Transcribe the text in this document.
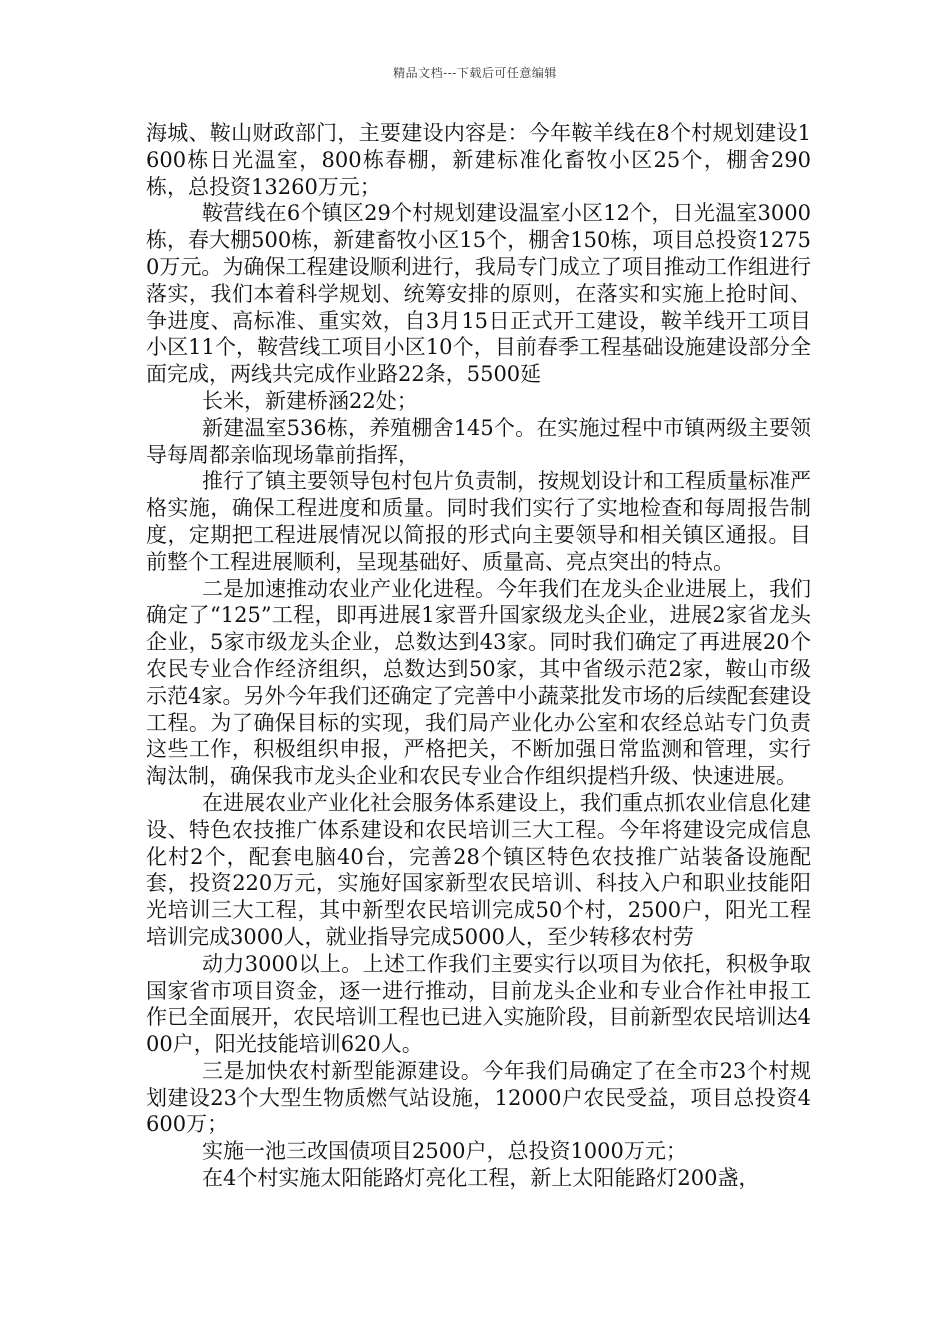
精品文档---下载后可任意编辑

海城、鞍山财政部门，主要建设内容是：今年鞍羊线在8个村规划建设1600栋日光温室，800栋春棚，新建标准化畜牧小区25个，棚舍290栋，总投资13260万元；

鞍营线在6个镇区29个村规划建设温室小区12个，日光温室3000栋，春大棚500栋，新建畜牧小区15个，棚舍150栋，项目总投资12750万元。为确保工程建设顺利进行，我局专门成立了项目推动工作组进行落实，我们本着科学规划、统筹安排的原则，在落实和实施上抢时间、争进度、高标准、重实效，自3月15日正式开工建设，鞍羊线开工项目小区11个，鞍营线工项目小区10个，目前春季工程基础设施建设部分全面完成，两线共完成作业路22条，5500延

长米，新建桥涵22处；

新建温室536栋，养殖棚舍145个。在实施过程中市镇两级主要领导每周都亲临现场靠前指挥，

推行了镇主要领导包村包片负责制，按规划设计和工程质量标准严格实施，确保工程进度和质量。同时我们实行了实地检查和每周报告制度，定期把工程进展情况以简报的形式向主要领导和相关镇区通报。目前整个工程进展顺利，呈现基础好、质量高、亮点突出的特点。

二是加速推动农业产业化进程。今年我们在龙头企业进展上，我们确定了“125”工程，即再进展1家晋升国家级龙头企业，进展2家省龙头企业，5家市级龙头企业，总数达到43家。同时我们确定了再进展20个农民专业合作经济组织，总数达到50家，其中省级示范2家，鞍山市级示范4家。另外今年我们还确定了完善中小蔬菜批发市场的后续配套建设工程。为了确保目标的实现，我们局产业化办公室和农经总站专门负责这些工作，积极组织申报，严格把关，不断加强日常监测和管理，实行淘汰制，确保我市龙头企业和农民专业合作组织提档升级、快速进展。

在进展农业产业化社会服务体系建设上，我们重点抓农业信息化建设、特色农技推广体系建设和农民培训三大工程。今年将建设完成信息化村2个，配套电脑40台，完善28个镇区特色农技推广站装备设施配套，投资220万元，实施好国家新型农民培训、科技入户和职业技能阳光培训三大工程，其中新型农民培训完成50个村，2500户，阳光工程培训完成3000人，就业指导完成5000人，至少转移农村劳

动力3000以上。上述工作我们主要实行以项目为依托，积极争取国家省市项目资金，逐一进行推动，目前龙头企业和专业合作社申报工作已全面展开，农民培训工程也已进入实施阶段，目前新型农民培训达400户，阳光技能培训620人。

三是加快农村新型能源建设。今年我们局确定了在全市23个村规划建设23个大型生物质燃气站设施，12000户农民受益，项目总投资4600万；

实施一池三改国债项目2500户，总投资1000万元；

在4个村实施太阳能路灯亮化工程，新上太阳能路灯200盏，
